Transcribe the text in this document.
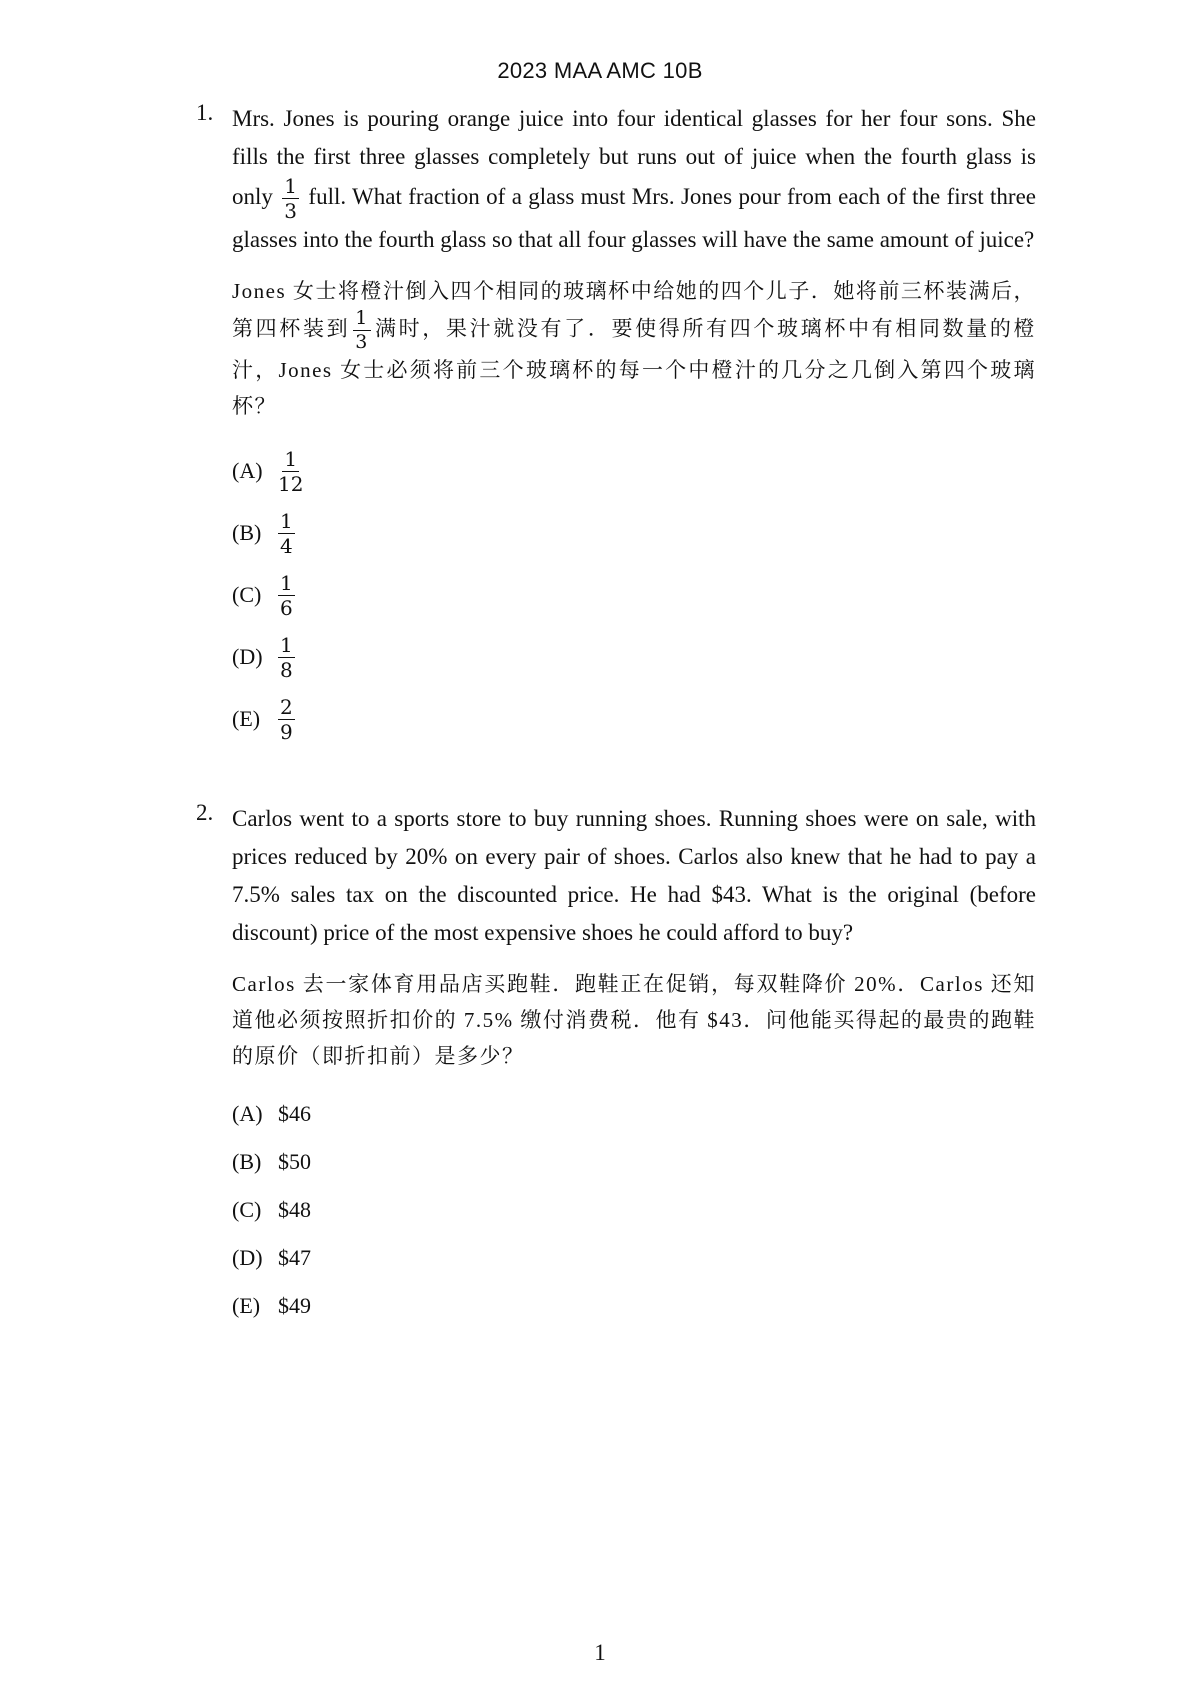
2023 MAA AMC 10B
1. Mrs. Jones is pouring orange juice into four identical glasses for her four sons. She fills the first three glasses completely but runs out of juice when the fourth glass is only $\frac{1}{3}$ full. What fraction of a glass must Mrs. Jones pour from each of the first three glasses into the fourth glass so that all four glasses will have the same amount of juice?
Jones 女士将橙汁倒入四个相同的玻璃杯中给她的四个儿子．她将前三杯装满后，第四杯装到 $\frac{1}{3}$ 满时，果汁就没有了．要使得所有四个玻璃杯中有相同数量的橙汁，Jones 女士必须将前三个玻璃杯的每一个中橙汁的几分之几倒入第四个玻璃杯？
$(A) \frac{1}{12}$
$(B) \frac{1}{4}$
$(C) \frac{1}{6}$
$(D) \frac{1}{8}$
$(E) \frac{2}{9}$
2. Carlos went to a sports store to buy running shoes. Running shoes were on sale, with prices reduced by 20% on every pair of shoes. Carlos also knew that he had to pay a 7.5% sales tax on the discounted price. He had $43. What is the original (before discount) price of the most expensive shoes he could afford to buy?
Carlos 去一家体育用品店买跑鞋．跑鞋正在促销，每双鞋降价 20%．Carlos 还知道他必须按照折扣价的 7.5% 缴付消费税．他有 $43．问他能买得起的最贵的跑鞋的原价（即折扣前）是多少？
(A) $46
(B) $50
(C) $48
(D) $47
(E) $49
1
